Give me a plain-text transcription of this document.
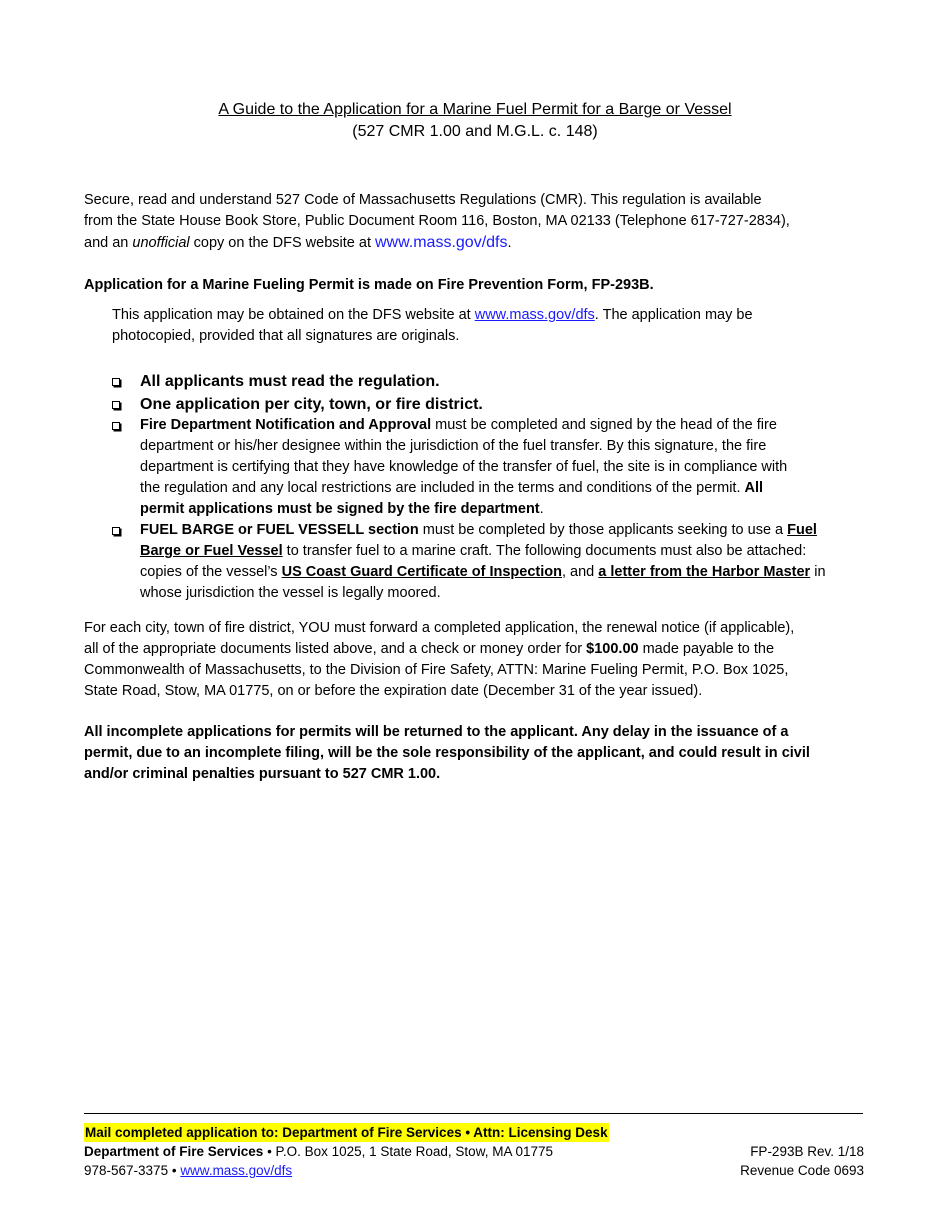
A Guide to the Application for a Marine Fuel Permit for a Barge or Vessel
(527 CMR 1.00 and M.G.L. c. 148)
Secure, read and understand 527 Code of Massachusetts Regulations (CMR). This regulation is available
from the State House Book Store, Public Document Room 116, Boston, MA 02133 (Telephone 617-727-2834),
and an unofficial copy on the DFS website at www.mass.gov/dfs.
Application for a Marine Fueling Permit is made on Fire Prevention Form, FP-293B.
This application may be obtained on the DFS website at www.mass.gov/dfs. The application may be
photocopied, provided that all signatures are originals.
All applicants must read the regulation.
One application per city, town, or fire district.
Fire Department Notification and Approval must be completed and signed by the head of the fire
department or his/her designee within the jurisdiction of the fuel transfer. By this signature, the fire
department is certifying that they have knowledge of the transfer of fuel, the site is in compliance with
the regulation and any local restrictions are included in the terms and conditions of the permit. All
permit applications must be signed by the fire department.
FUEL BARGE or FUEL VESSELL section must be completed by those applicants seeking to use a Fuel
Barge or Fuel Vessel to transfer fuel to a marine craft. The following documents must also be attached:
copies of the vessel’s US Coast Guard Certificate of Inspection, and a letter from the Harbor Master in
whose jurisdiction the vessel is legally moored.
For each city, town of fire district, YOU must forward a completed application, the renewal notice (if applicable),
all of the appropriate documents listed above, and a check or money order for $100.00 made payable to the
Commonwealth of Massachusetts, to the Division of Fire Safety, ATTN: Marine Fueling Permit, P.O. Box 1025,
State Road, Stow, MA 01775, on or before the expiration date (December 31 of the year issued).
All incomplete applications for permits will be returned to the applicant. Any delay in the issuance of a
permit, due to an incomplete filing, will be the sole responsibility of the applicant, and could result in civil
and/or criminal penalties pursuant to 527 CMR 1.00.
Mail completed application to: Department of Fire Services • Attn: Licensing Desk
Department of Fire Services • P.O. Box 1025, 1 State Road, Stow, MA 01775
978-567-3375 • www.mass.gov/dfs
FP-293B Rev. 1/18
Revenue Code 0693
